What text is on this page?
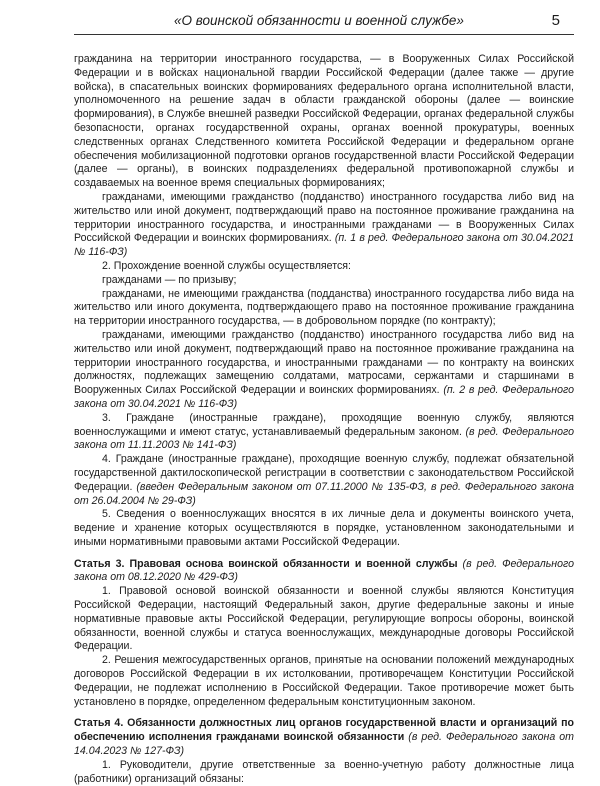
«О воинской обязанности и военной службе»	5

гражданина на территории иностранного государства, — в Вооруженных Силах Российской Федерации и в войсках национальной гвардии Российской Федерации (далее также — другие войска), в спасательных воинских формированиях федерального органа исполнительной власти, уполномоченного на решение задач в области гражданской обороны (далее — воинские формирования), в Службе внешней разведки Российской Федерации, органах федеральной службы безопасности, органах государственной охраны, органах военной прокуратуры, военных следственных органах Следственного комитета Российской Федерации и федеральном органе обеспечения мобилизационной подготовки органов государственной власти Российской Федерации (далее — органы), в воинских подразделениях федеральной противопожарной службы и создаваемых на военное время специальных формированиях;

гражданами, имеющими гражданство (подданство) иностранного государства либо вид на жительство или иной документ, подтверждающий право на постоянное проживание гражданина на территории иностранного государства, и иностранными гражданами — в Вооруженных Силах Российской Федерации и воинских формированиях. (п. 1 в ред. Федерального закона от 30.04.2021 № 116-ФЗ)

2. Прохождение военной службы осуществляется:

гражданами — по призыву;

гражданами, не имеющими гражданства (подданства) иностранного государства либо вида на жительство или иного документа, подтверждающего право на постоянное проживание гражданина на территории иностранного государства, — в добровольном порядке (по контракту);

гражданами, имеющими гражданство (подданство) иностранного государства либо вид на жительство или иной документ, подтверждающий право на постоянное проживание гражданина на территории иностранного государства, и иностранными гражданами — по контракту на воинских должностях, подлежащих замещению солдатами, матросами, сержантами и старшинами в Вооруженных Силах Российской Федерации и воинских формированиях. (п. 2 в ред. Федерального закона от 30.04.2021 № 116-ФЗ)

3. Граждане (иностранные граждане), проходящие военную службу, являются военнослужащими и имеют статус, устанавливаемый федеральным законом. (в ред. Федерального закона от 11.11.2003 № 141-ФЗ)

4. Граждане (иностранные граждане), проходящие военную службу, подлежат обязательной государственной дактилоскопической регистрации в соответствии с законодательством Российской Федерации. (введен Федеральным законом от 07.11.2000 № 135-ФЗ, в ред. Федерального закона от 26.04.2004 № 29-ФЗ)

5. Сведения о военнослужащих вносятся в их личные дела и документы воинского учета, ведение и хранение которых осуществляются в порядке, установленном законодательными и иными нормативными правовыми актами Российской Федерации.

Статья 3. Правовая основа воинской обязанности и военной службы (в ред. Федерального закона от 08.12.2020 № 429-ФЗ)

1. Правовой основой воинской обязанности и военной службы являются Конституция Российской Федерации, настоящий Федеральный закон, другие федеральные законы и иные нормативные правовые акты Российской Федерации, регулирующие вопросы обороны, воинской обязанности, военной службы и статуса военнослужащих, международные договоры Российской Федерации.

2. Решения межгосударственных органов, принятые на основании положений международных договоров Российской Федерации в их истолковании, противоречащем Конституции Российской Федерации, не подлежат исполнению в Российской Федерации. Такое противоречие может быть установлено в порядке, определенном федеральным конституционным законом.

Статья 4. Обязанности должностных лиц органов государственной власти и организаций по обеспечению исполнения гражданами воинской обязанности (в ред. Федерального закона от 14.04.2023 № 127-ФЗ)

1. Руководители, другие ответственные за военно-учетную работу должностные лица (работники) организаций обязаны:
